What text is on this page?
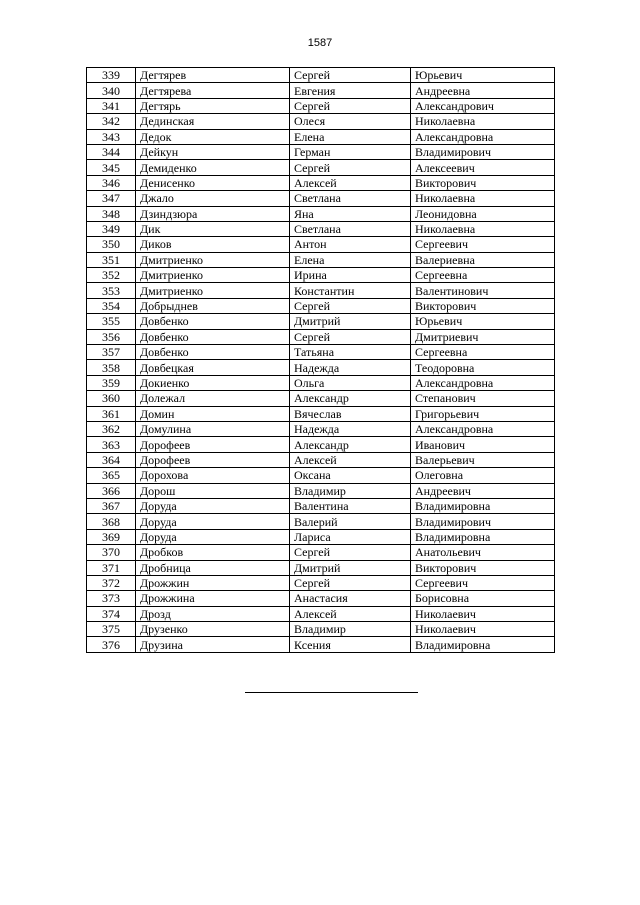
1587
339	Дегтярев	Сергей	Юрьевич
340	Дегтярева	Евгения	Андреевна
341	Дегтярь	Сергей	Александрович
342	Дединская	Олеся	Николаевна
343	Дедок	Елена	Александровна
344	Дейкун	Герман	Владимирович
345	Демиденко	Сергей	Алексеевич
346	Денисенко	Алексей	Викторович
347	Джало	Светлана	Николаевна
348	Дзиндзюра	Яна	Леонидовна
349	Дик	Светлана	Николаевна
350	Диков	Антон	Сергеевич
351	Дмитриенко	Елена	Валериевна
352	Дмитриенко	Ирина	Сергеевна
353	Дмитриенко	Константин	Валентинович
354	Добрыднев	Сергей	Викторович
355	Довбенко	Дмитрий	Юрьевич
356	Довбенко	Сергей	Дмитриевич
357	Довбенко	Татьяна	Сергеевна
358	Довбецкая	Надежда	Теодоровна
359	Докиенко	Ольга	Александровна
360	Долежал	Александр	Степанович
361	Домин	Вячеслав	Григорьевич
362	Домулина	Надежда	Александровна
363	Дорофеев	Александр	Иванович
364	Дорофеев	Алексей	Валерьевич
365	Дорохова	Оксана	Олеговна
366	Дорош	Владимир	Андреевич
367	Доруда	Валентина	Владимировна
368	Доруда	Валерий	Владимирович
369	Доруда	Лариса	Владимировна
370	Дробков	Сергей	Анатольевич
371	Дробница	Дмитрий	Викторович
372	Дрожжин	Сергей	Сергеевич
373	Дрожжина	Анастасия	Борисовна
374	Дрозд	Алексей	Николаевич
375	Друзенко	Владимир	Николаевич
376	Друзина	Ксения	Владимировна
